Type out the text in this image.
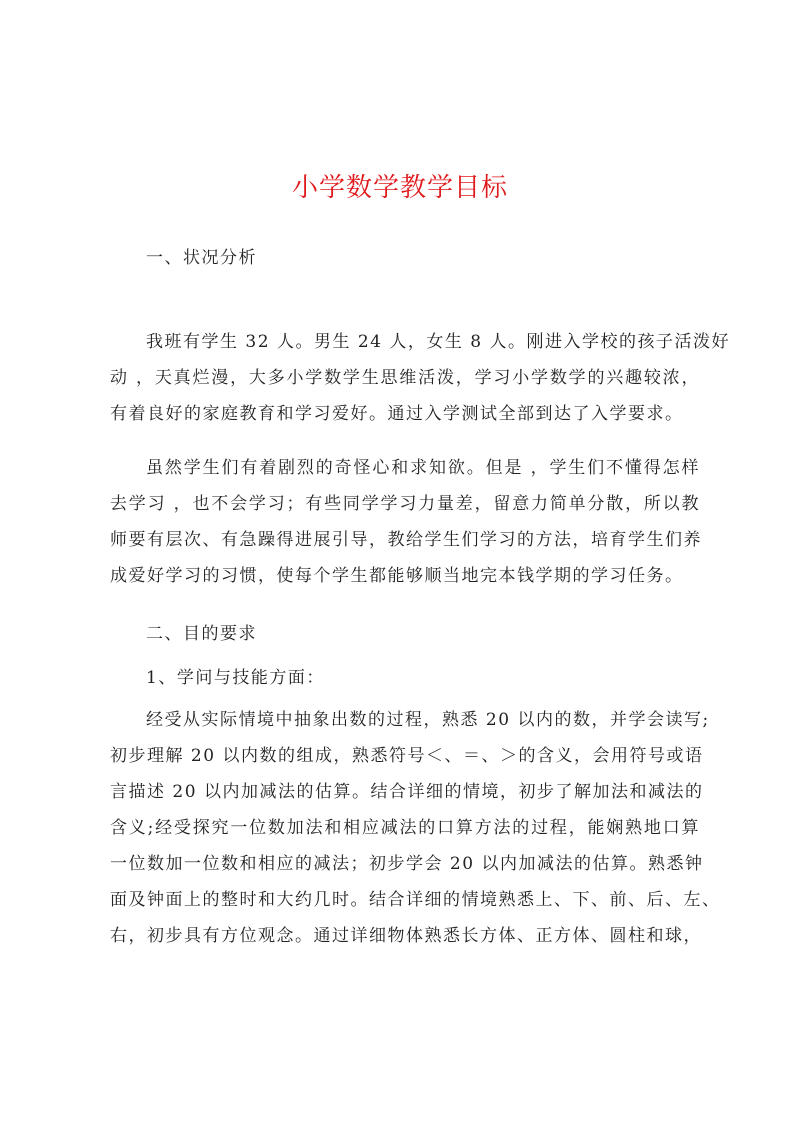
小学数学教学目标
一、状况分析
我班有学生 32 人。男生 24 人，女生 8 人。刚进入学校的孩子活泼好
动 ，天真烂漫，大多小学数学生思维活泼，学习小学数学的兴趣较浓，
有着良好的家庭教育和学习爱好。通过入学测试全部到达了入学要求。
虽然学生们有着剧烈的奇怪心和求知欲。但是 ，学生们不懂得怎样
去学习 ，也不会学习；有些同学学习力量差，留意力简单分散，所以教
师要有层次、有急躁得进展引导，教给学生们学习的方法，培育学生们养
成爱好学习的习惯，使每个学生都能够顺当地完本钱学期的学习任务。
二、目的要求
1、学问与技能方面：
经受从实际情境中抽象出数的过程，熟悉 20 以内的数，并学会读写;
初步理解 20 以内数的组成，熟悉符号＜、＝、＞的含义，会用符号或语
言描述 20 以内加减法的估算。结合详细的情境，初步了解加法和减法的
含义;经受探究一位数加法和相应减法的口算方法的过程，能娴熟地口算
一位数加一位数和相应的减法；初步学会 20 以内加减法的估算。熟悉钟
面及钟面上的整时和大约几时。结合详细的情境熟悉上、下、前、后、左、
右，初步具有方位观念。通过详细物体熟悉长方体、正方体、圆柱和球，
